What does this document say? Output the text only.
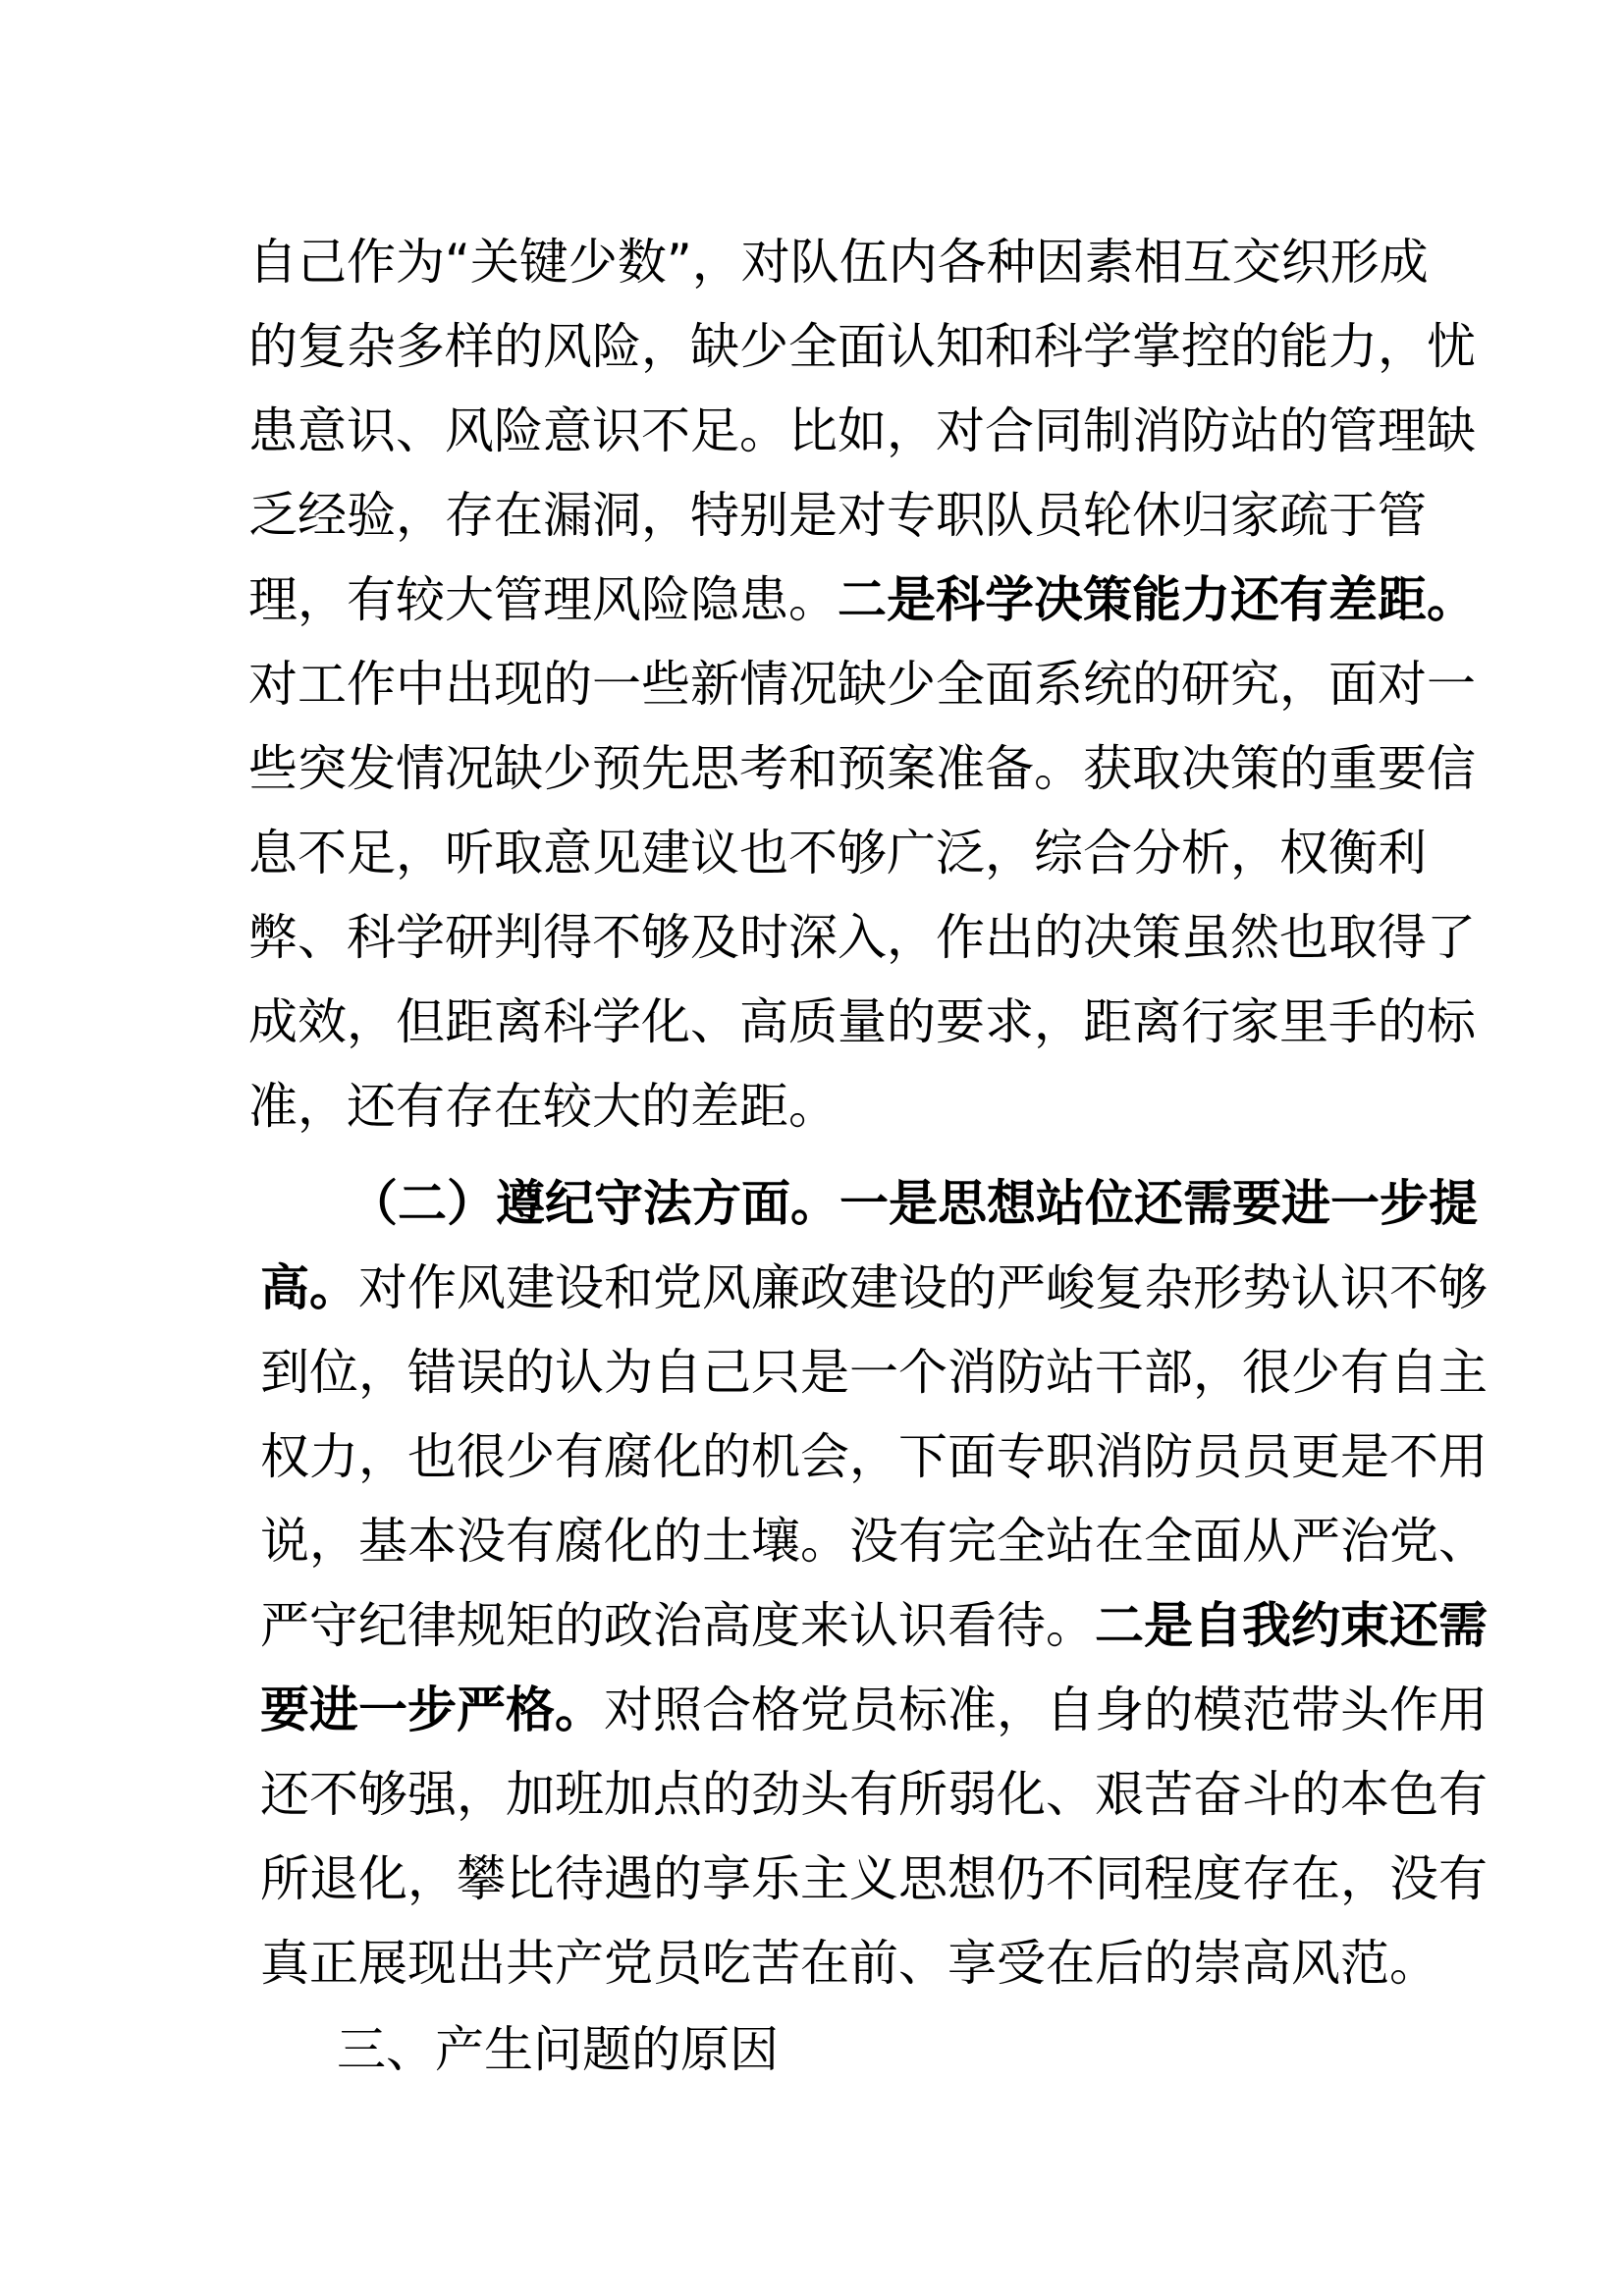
自己作为“关键少数”，对队伍内各种因素相互交织形成
的复杂多样的风险，缺少全面认知和科学掌控的能力，忧
患意识、风险意识不足。比如，对合同制消防站的管理缺
乏经验，存在漏洞，特别是对专职队员轮休归家疏于管
理，有较大管理风险隐患。二是科学决策能力还有差距。
对工作中出现的一些新情况缺少全面系统的研究，面对一
些突发情况缺少预先思考和预案准备。获取决策的重要信
息不足，听取意见建议也不够广泛，综合分析，权衡利
弊、科学研判得不够及时深入，作出的决策虽然也取得了
成效，但距离科学化、高质量的要求，距离行家里手的标
准，还有存在较大的差距。
（二）遵纪守法方面。一是思想站位还需要进一步提
高。对作风建设和党风廉政建设的严峻复杂形势认识不够
到位，错误的认为自己只是一个消防站干部，很少有自主
权力，也很少有腐化的机会，下面专职消防员员更是不用
说，基本没有腐化的土壤。没有完全站在全面从严治党、
严守纪律规矩的政治高度来认识看待。二是自我约束还需
要进一步严格。对照合格党员标准，自身的模范带头作用
还不够强，加班加点的劲头有所弱化、艰苦奋斗的本色有
所退化，攀比待遇的享乐主义思想仍不同程度存在，没有
真正展现出共产党员吃苦在前、享受在后的崇高风范。
三、产生问题的原因
